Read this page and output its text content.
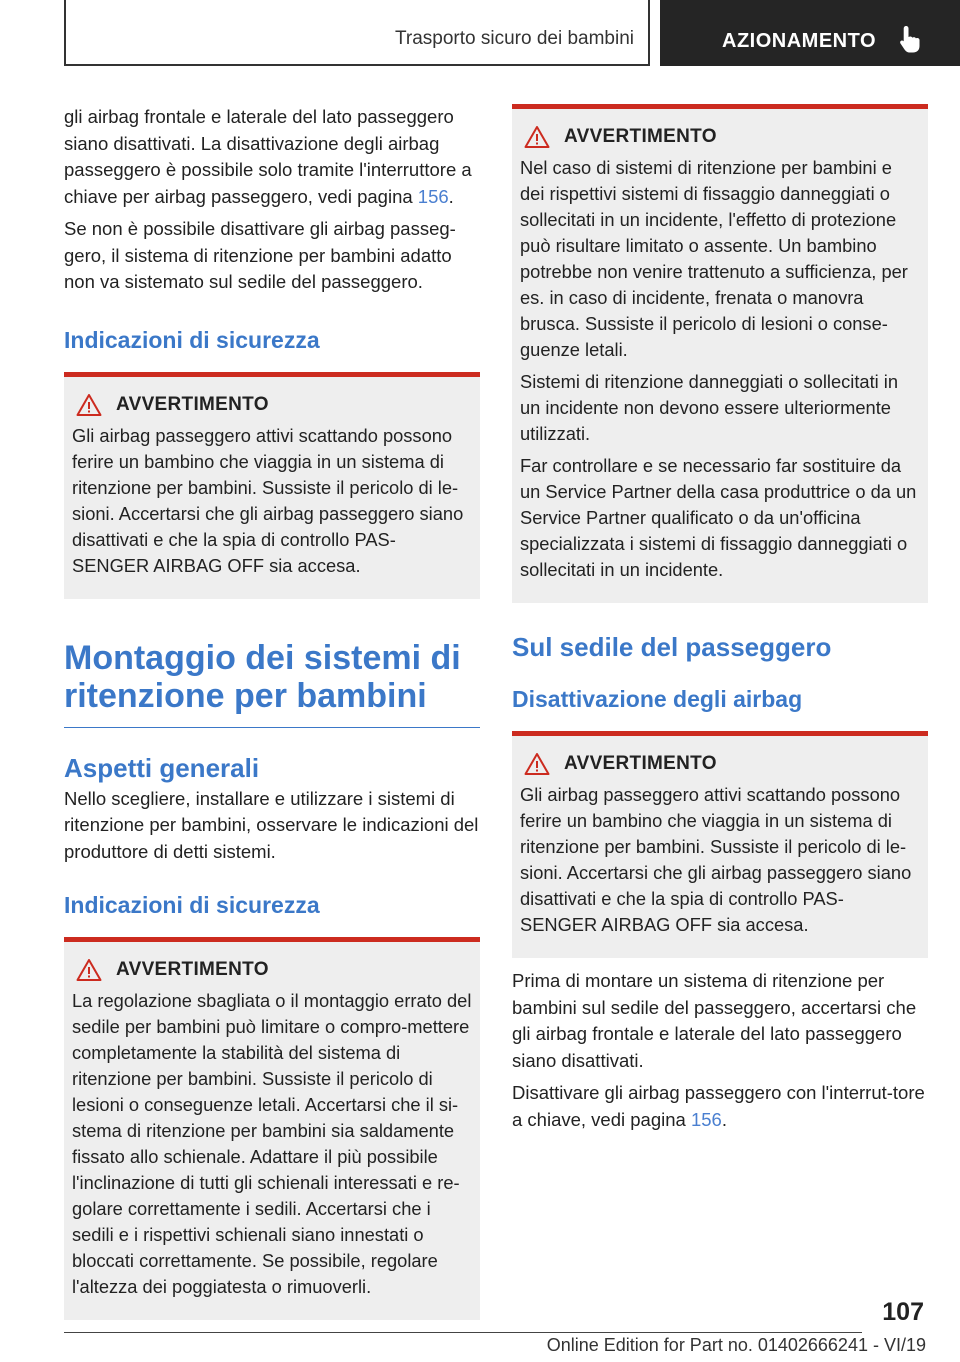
Trasporto sicuro dei bambini	AZIONAMENTO
gli airbag frontale e laterale del lato passeggero siano disattivati. La disattivazione degli airbag passeggero è possibile solo tramite l'interruttore a chiave per airbag passeggero, vedi pagina 156.
Se non è possibile disattivare gli airbag passeg-gero, il sistema di ritenzione per bambini adatto non va sistemato sul sedile del passeggero.
Indicazioni di sicurezza
AVVERTIMENTO
Gli airbag passeggero attivi scattando possono ferire un bambino che viaggia in un sistema di ritenzione per bambini. Sussiste il pericolo di le-sioni. Accertarsi che gli airbag passeggero siano disattivati e che la spia di controllo PAS-SENGER AIRBAG OFF sia accesa.
Montaggio dei sistemi di ritenzione per bambini
Aspetti generali
Nello scegliere, installare e utilizzare i sistemi di ritenzione per bambini, osservare le indicazioni del produttore di detti sistemi.
Indicazioni di sicurezza
AVVERTIMENTO
La regolazione sbagliata o il montaggio errato del sedile per bambini può limitare o compro-mettere completamente la stabilità del sistema di ritenzione per bambini. Sussiste il pericolo di lesioni o conseguenze letali. Accertarsi che il si-stema di ritenzione per bambini sia saldamente fissato allo schienale. Adattare il più possibile l'inclinazione di tutti gli schienali interessati e re-golare correttamente i sedili. Accertarsi che i sedili e i rispettivi schienali siano innestati o bloccati correttamente. Se possibile, regolare l'altezza dei poggiatesta o rimuoverli.
AVVERTIMENTO
Nel caso di sistemi di ritenzione per bambini e dei rispettivi sistemi di fissaggio danneggiati o sollecitati in un incidente, l'effetto di protezione può risultare limitato o assente. Un bambino potrebbe non venire trattenuto a sufficienza, per es. in caso di incidente, frenata o manovra brusca. Sussiste il pericolo di lesioni o conse-guenze letali.
Sistemi di ritenzione danneggiati o sollecitati in un incidente non devono essere ulteriormente utilizzati.
Far controllare e se necessario far sostituire da un Service Partner della casa produttrice o da un Service Partner qualificato o da un'officina specializzata i sistemi di fissaggio danneggiati o sollecitati in un incidente.
Sul sedile del passeggero
Disattivazione degli airbag
AVVERTIMENTO
Gli airbag passeggero attivi scattando possono ferire un bambino che viaggia in un sistema di ritenzione per bambini. Sussiste il pericolo di le-sioni. Accertarsi che gli airbag passeggero siano disattivati e che la spia di controllo PAS-SENGER AIRBAG OFF sia accesa.
Prima di montare un sistema di ritenzione per bambini sul sedile del passeggero, accertarsi che gli airbag frontale e laterale del lato passeggero siano disattivati.
Disattivare gli airbag passeggero con l'interrut-tore a chiave, vedi pagina 156.
107
Online Edition for Part no. 01402666241 - VI/19
